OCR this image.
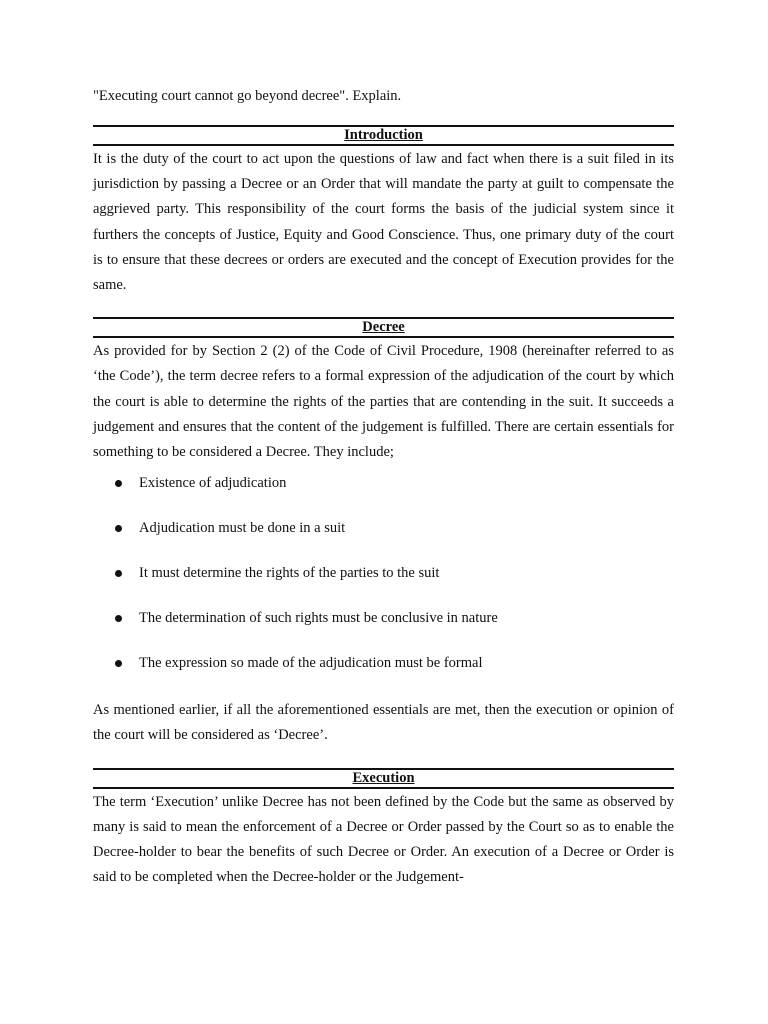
"Executing court cannot go beyond decree". Explain.

Introduction

It is the duty of the court to act upon the questions of law and fact when there is a suit filed in its jurisdiction by passing a Decree or an Order that will mandate the party at guilt to compensate the aggrieved party. This responsibility of the court forms the basis of the judicial system since it furthers the concepts of Justice, Equity and Good Conscience. Thus, one primary duty of the court is to ensure that these decrees or orders are executed and the concept of Execution provides for the same.

Decree

As provided for by Section 2 (2) of the Code of Civil Procedure, 1908 (hereinafter referred to as ‘the Code’), the term decree refers to a formal expression of the adjudication of the court by which the court is able to determine the rights of the parties that are contending in the suit. It succeeds a judgement and ensures that the content of the judgement is fulfilled. There are certain essentials for something to be considered a Decree. They include;

Existence of adjudication
Adjudication must be done in a suit
It must determine the rights of the parties to the suit
The determination of such rights must be conclusive in nature
The expression so made of the adjudication must be formal

As mentioned earlier, if all the aforementioned essentials are met, then the execution or opinion of the court will be considered as ‘Decree’.

Execution

The term ‘Execution’ unlike Decree has not been defined by the Code but the same as observed by many is said to mean the enforcement of a Decree or Order passed by the Court so as to enable the Decree-holder to bear the benefits of such Decree or Order. An execution of a Decree or Order is said to be completed when the Decree-holder or the Judgement-
